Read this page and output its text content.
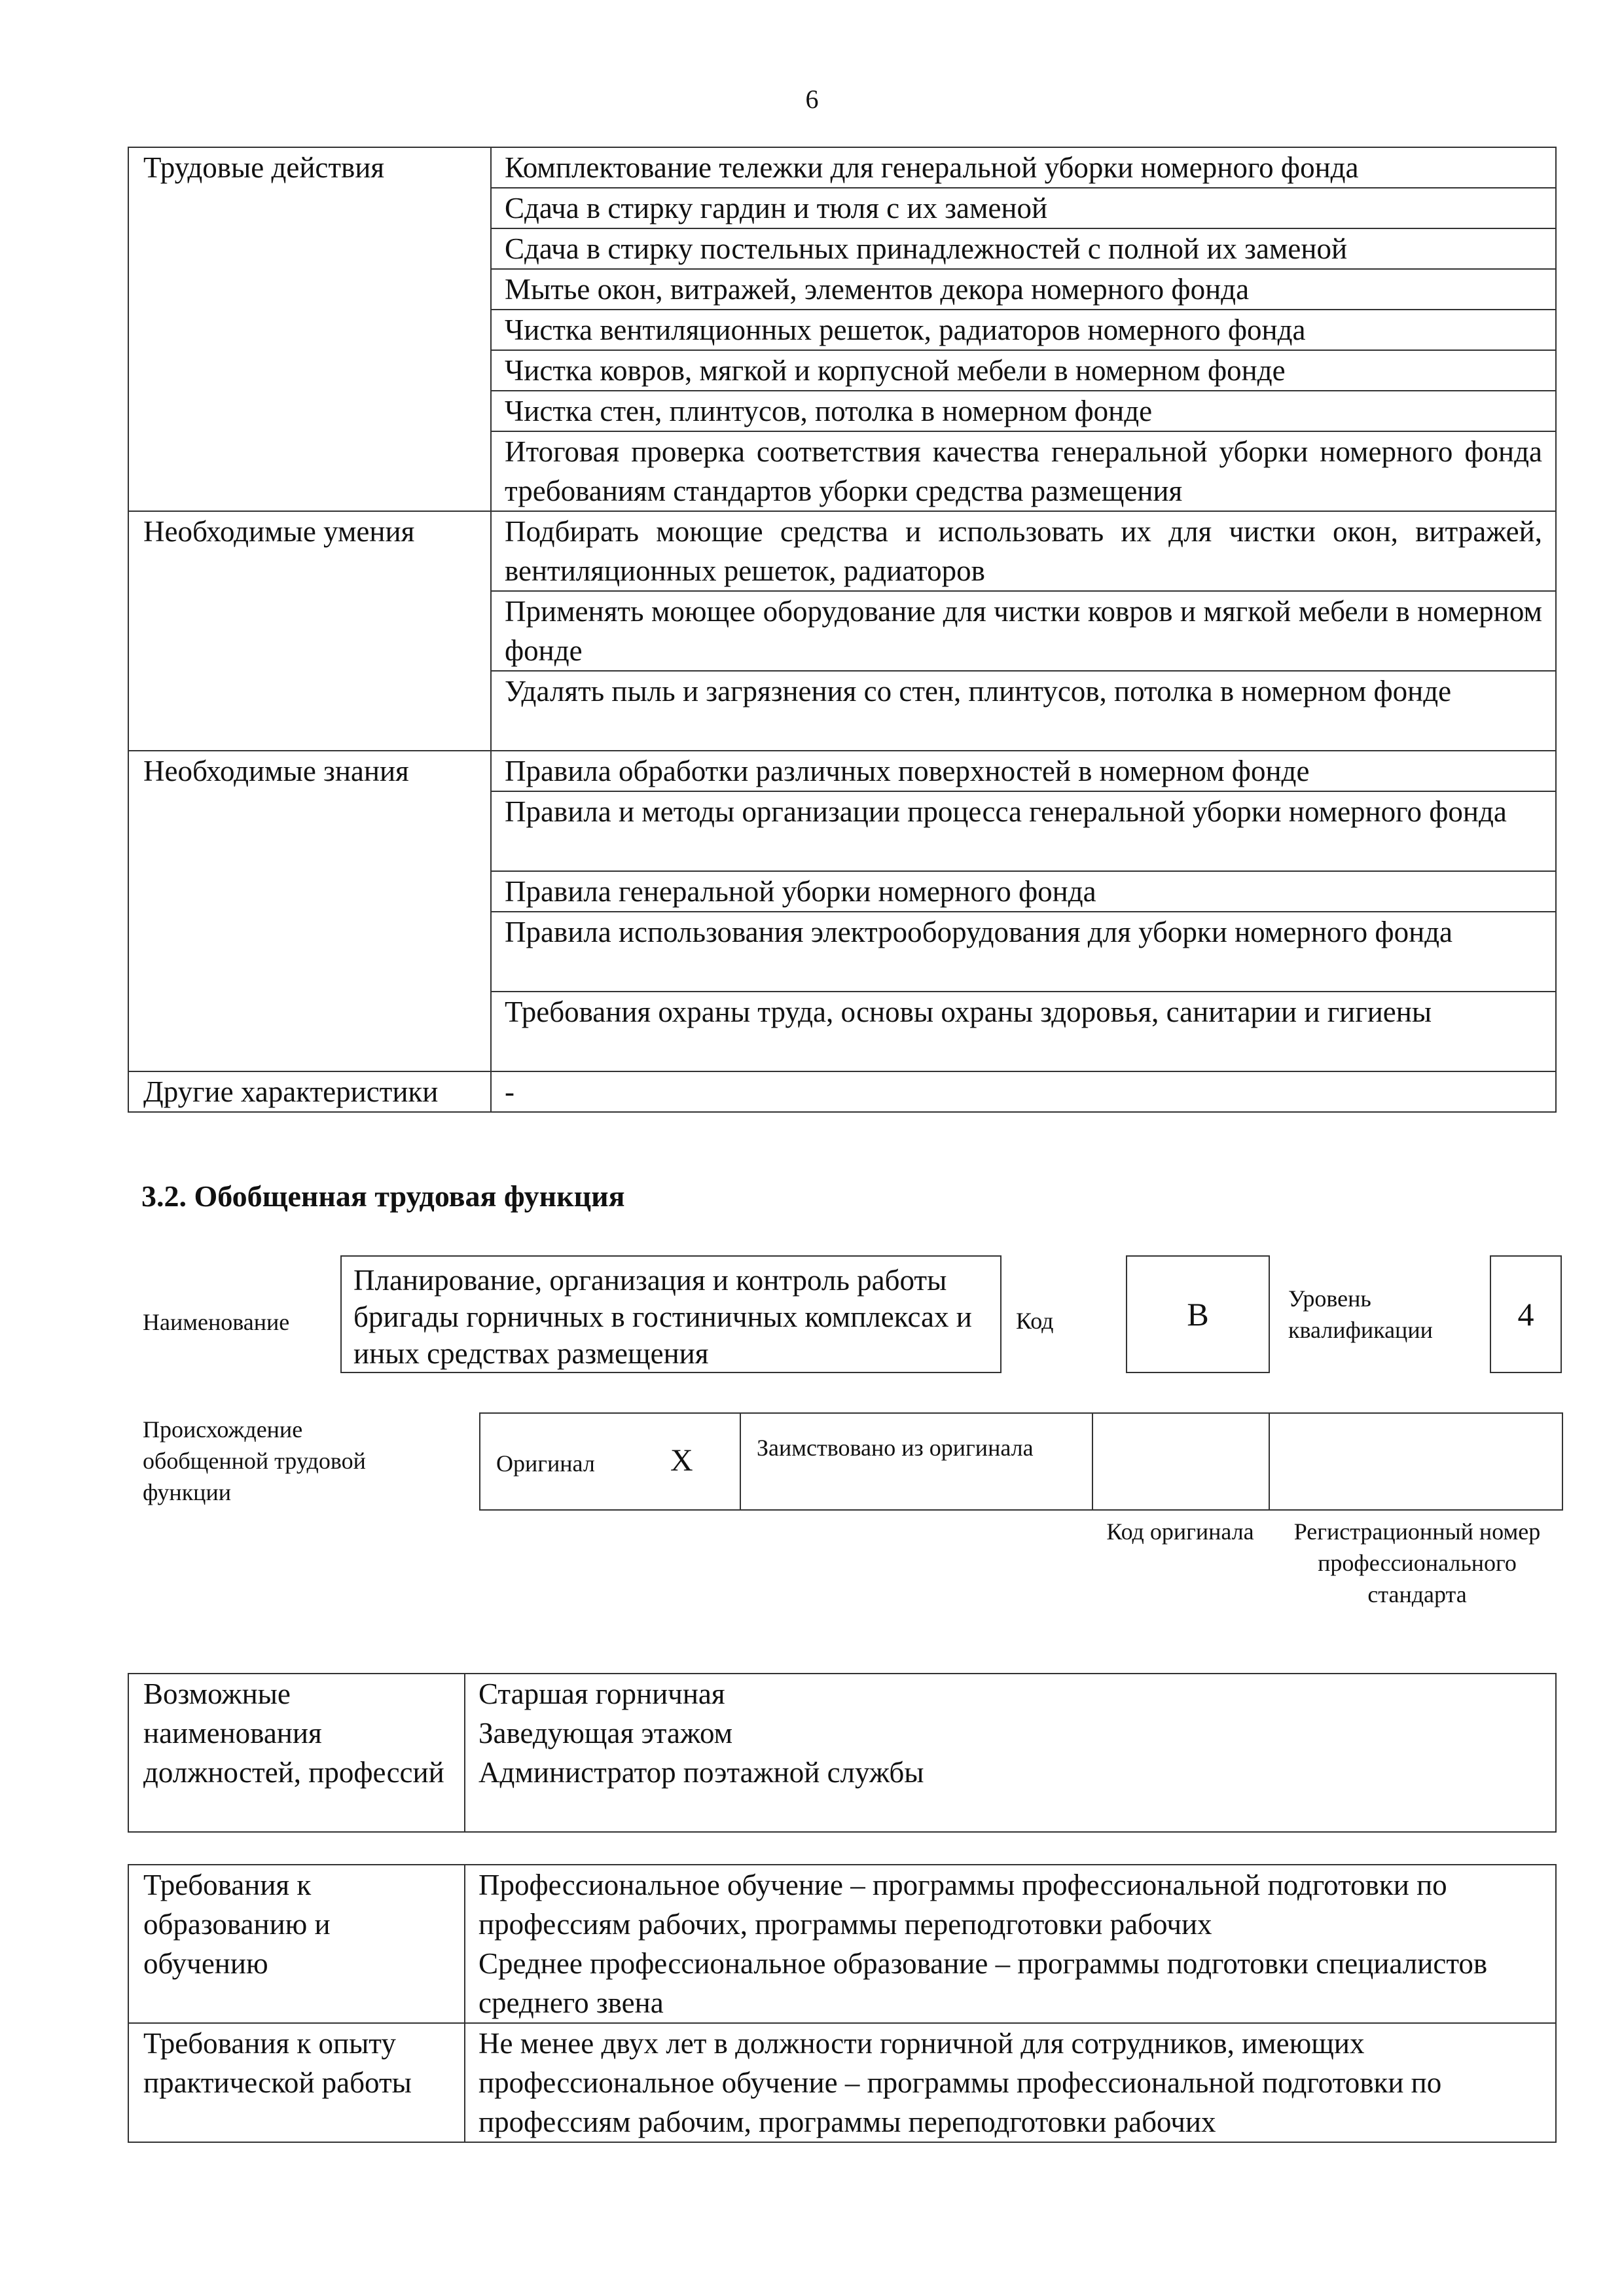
6
Трудовые действия	Комплектование тележки для генеральной уборки номерного фонда
	Сдача в стирку гардин и тюля с их заменой
	Сдача в стирку постельных принадлежностей с полной их заменой
	Мытье окон, витражей, элементов декора номерного фонда
	Чистка вентиляционных решеток, радиаторов номерного фонда
	Чистка ковров, мягкой и корпусной мебели в номерном фонде
	Чистка стен, плинтусов, потолка в номерном фонде
	Итоговая проверка соответствия качества генеральной уборки номерного фонда требованиям стандартов уборки средства размещения
Необходимые умения	Подбирать моющие средства и использовать их для чистки окон, витражей, вентиляционных решеток, радиаторов
	Применять моющее оборудование для чистки ковров и мягкой мебели в номерном фонде
	Удалять пыль и загрязнения со стен, плинтусов, потолка в номерном фонде
Необходимые знания	Правила обработки различных поверхностей в номерном фонде
	Правила и методы организации процесса генеральной уборки номерного фонда
	Правила генеральной уборки номерного фонда
	Правила использования электрооборудования для уборки номерного фонда
	Требования охраны труда, основы охраны здоровья, санитарии и гигиены
Другие характеристики	-
3.2. Обобщенная трудовая функция
Наименование
Планирование, организация и контроль работы бригады горничных в гостиничных комплексах и иных средствах размещения
Код	B	Уровень квалификации	4
Происхождение обобщенной трудовой функции
Оригинал X	Заимствовано из оригинала
Код оригинала	Регистрационный номер профессионального стандарта
Возможные наименования должностей, профессий	
Старшая горничная
Заведующая этажом
Администратор поэтажной службы
Требования к образованию и обучению	Профессиональное обучение – программы профессиональной подготовки по профессиям рабочих, программы переподготовки рабочих
Среднее профессиональное образование – программы подготовки специалистов среднего звена

Требования к опыту практической работы	Не менее двух лет в должности горничной для сотрудников, имеющих профессиональное обучение – программы профессиональной подготовки по профессиям рабочим, программы переподготовки рабочих
